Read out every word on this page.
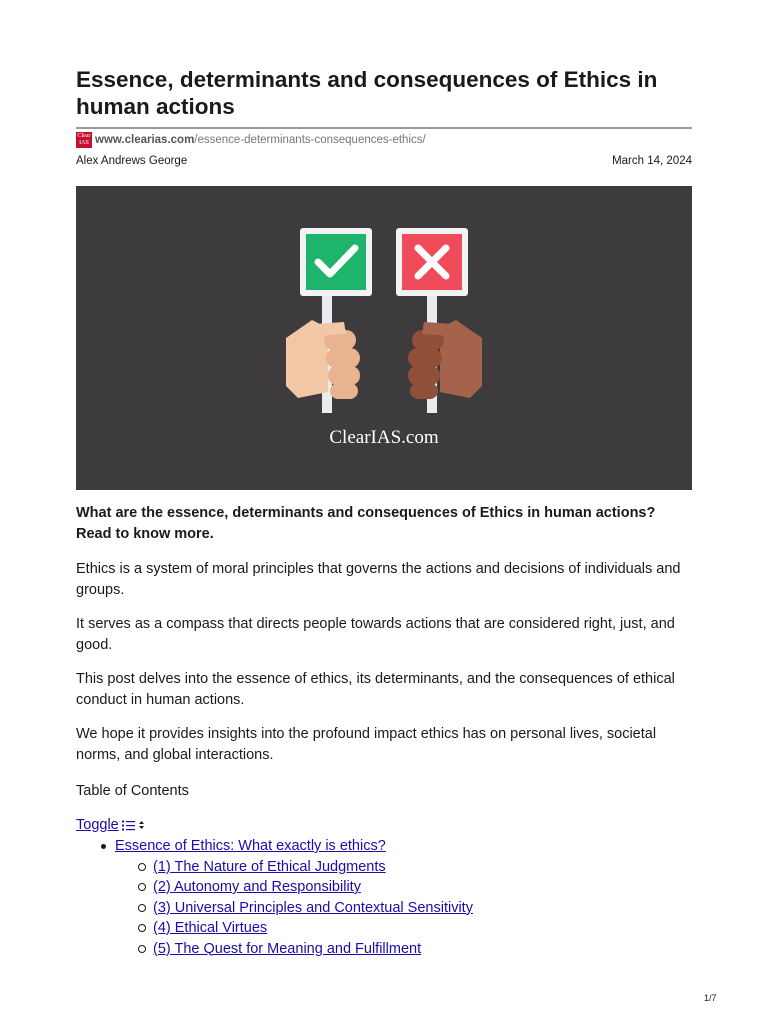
Essence, determinants and consequences of Ethics in human actions
Clear
IAS www.clearias.com /essence-determinants-consequences-ethics/
Alex Andrews George	March 14, 2024
ClearIAS.com

What are the essence, determinants and consequences of Ethics in human actions? Read to know more.

Ethics is a system of moral principles that governs the actions and decisions of individuals and groups.

It serves as a compass that directs people towards actions that are considered right, just, and good.

This post delves into the essence of ethics, its determinants, and the consequences of ethical conduct in human actions.

We hope it provides insights into the profound impact ethics has on personal lives, societal norms, and global interactions.

Table of Contents

Toggle
Essence of Ethics: What exactly is ethics?
(1) The Nature of Ethical Judgments
(2) Autonomy and Responsibility
(3) Universal Principles and Contextual Sensitivity
(4) Ethical Virtues
(5) The Quest for Meaning and Fulfillment
1/7
